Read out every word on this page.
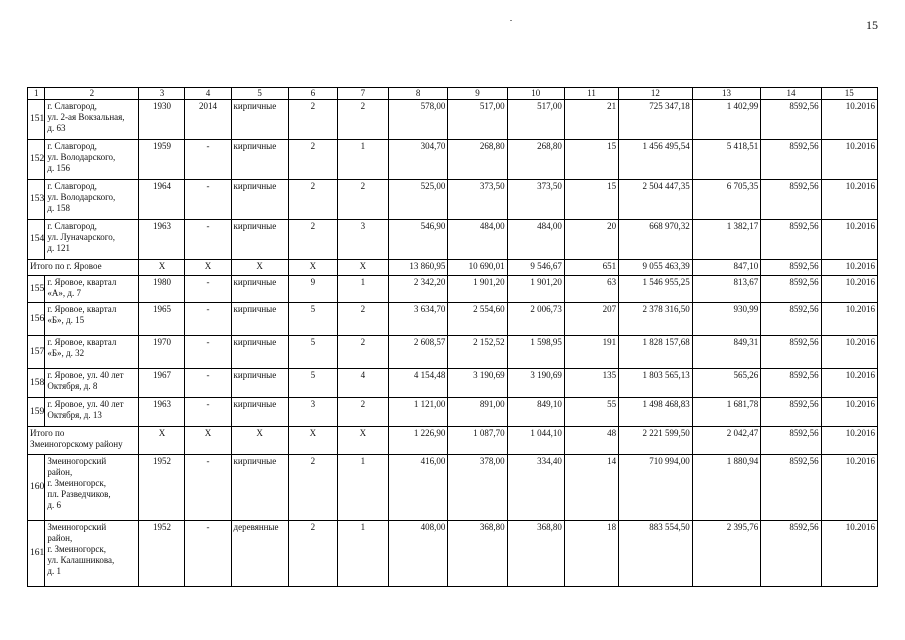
15
1	2	3	4	5	6	7	8	9	10	11	12	13	14	15
151	г. Славгород,
ул. 2-ая Вокзальная,
д. 63	1930	2014	кирпичные	2	2	578,00	517,00	517,00	21	725 347,18	1 402,99	8592,56	10.2016
152	г. Славгород,
ул. Володарского,
д. 156	1959	-	кирпичные	2	1	304,70	268,80	268,80	15	1 456 495,54	5 418,51	8592,56	10.2016
153	г. Славгород,
ул. Володарского,
д. 158	1964	-	кирпичные	2	2	525,00	373,50	373,50	15	2 504 447,35	6 705,35	8592,56	10.2016
154	г. Славгород,
ул. Луначарского,
д. 121	1963	-	кирпичные	2	3	546,90	484,00	484,00	20	668 970,32	1 382,17	8592,56	10.2016
Итого по г. Яровое		Х	Х	Х	Х	Х	13 860,95	10 690,01	9 546,67	651	9 055 463,39	847,10	8592,56	10.2016
155	г. Яровое, квартал
«А», д. 7	1980	-	кирпичные	9	1	2 342,20	1 901,20	1 901,20	63	1 546 955,25	813,67	8592,56	10.2016
156	г. Яровое, квартал
«Б», д. 15	1965	-	кирпичные	5	2	3 634,70	2 554,60	2 006,73	207	2 378 316,50	930,99	8592,56	10.2016
157	г. Яровое, квартал
«Б», д. 32	1970	-	кирпичные	5	2	2 608,57	2 152,52	1 598,95	191	1 828 157,68	849,31	8592,56	10.2016
158	г. Яровое, ул. 40 лет
Октября, д. 8	1967	-	кирпичные	5	4	4 154,48	3 190,69	3 190,69	135	1 803 565,13	565,26	8592,56	10.2016
159	г. Яровое, ул. 40 лет
Октября, д. 13	1963	-	кирпичные	3	2	1 121,00	891,00	849,10	55	1 498 468,83	1 681,78	8592,56	10.2016
Итого по
Змеиногорскому району		Х	Х	Х	Х	Х	1 226,90	1 087,70	1 044,10	48	2 221 599,50	2 042,47	8592,56	10.2016
160	Змеиногорский
район,
г. Змеиногорск,
пл. Разведчиков,
д. 6	1952	-	кирпичные	2	1	416,00	378,00	334,40	14	710 994,00	1 880,94	8592,56	10.2016
161	Змеиногорский
район,
г. Змеиногорск,
ул. Калашникова,
д. 1	1952	-	деревянные	2	1	408,00	368,80	368,80	18	883 554,50	2 395,76	8592,56	10.2016
